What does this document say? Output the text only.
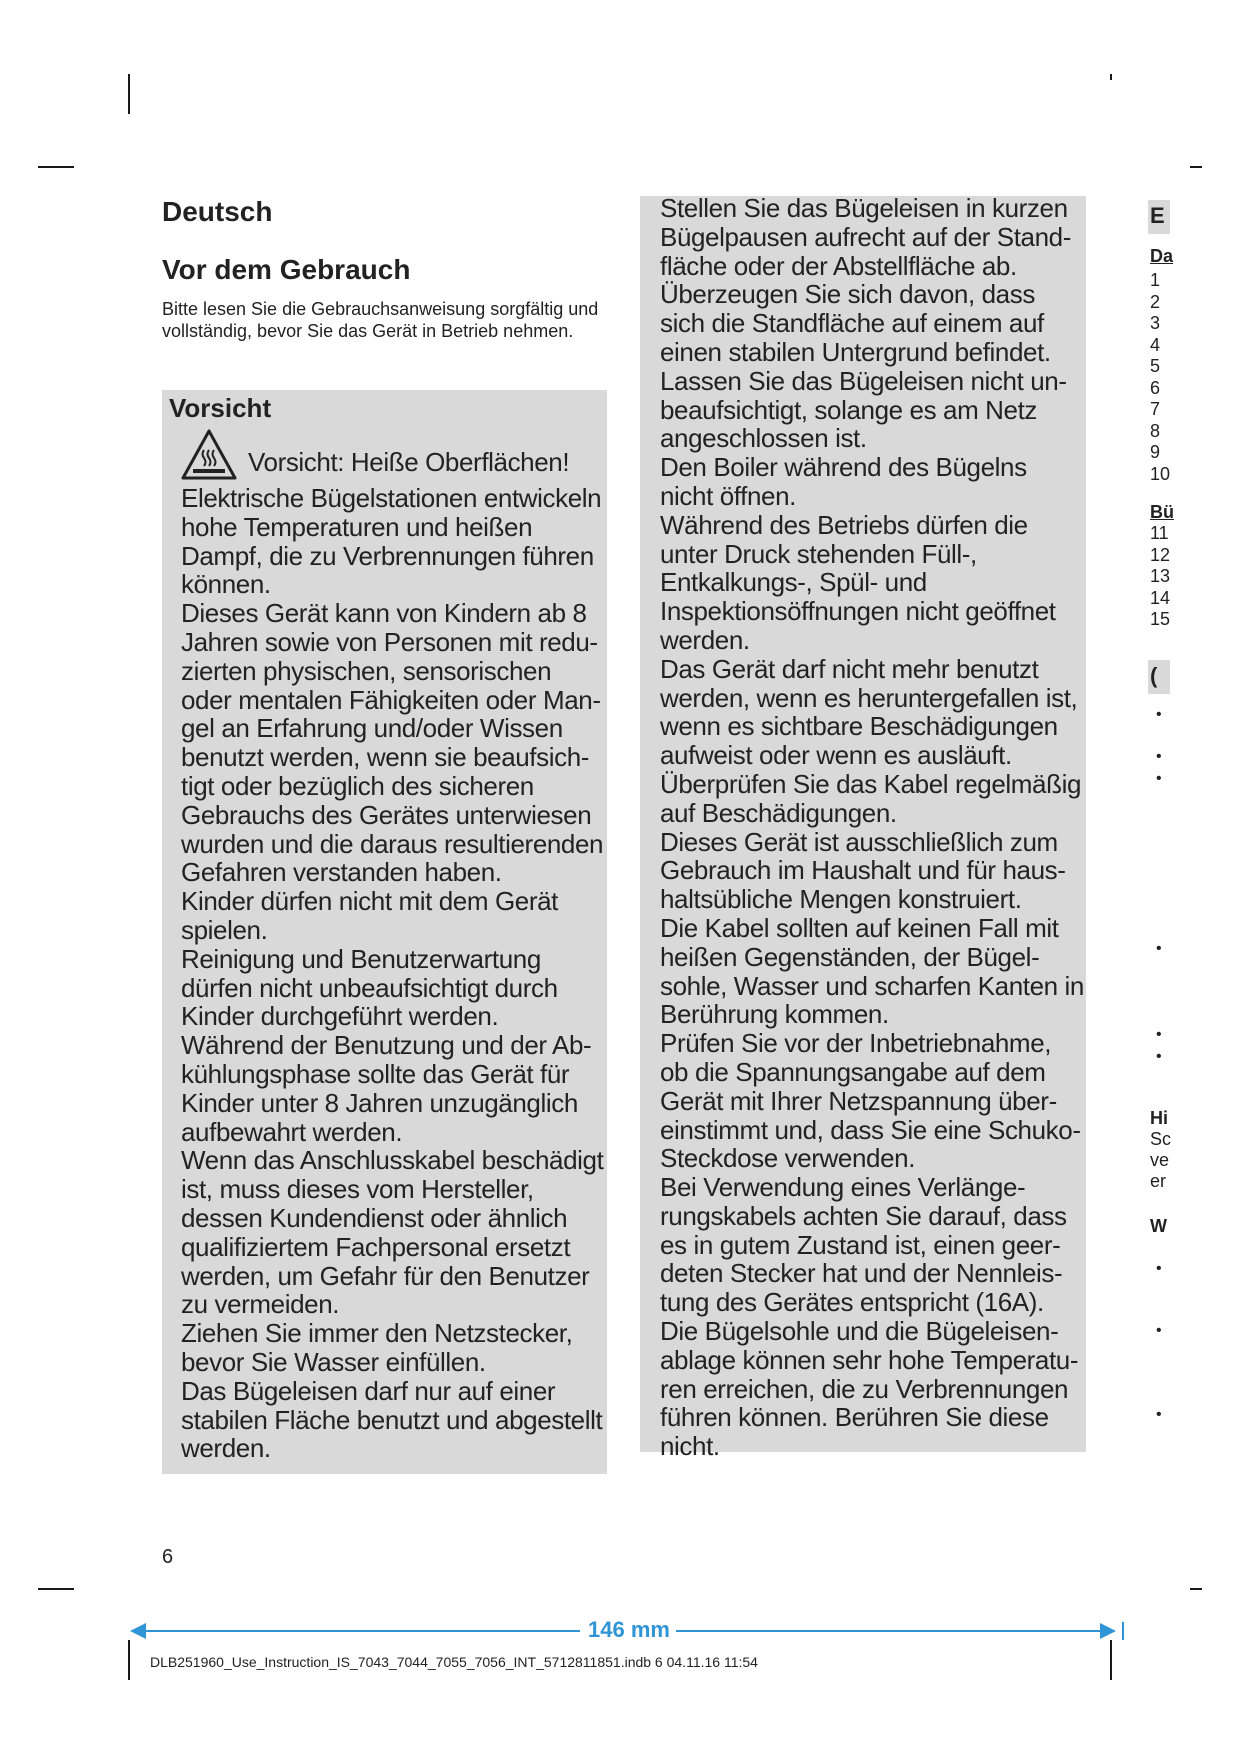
Deutsch
Vor dem Gebrauch

Bitte lesen Sie die Gebrauchsanweisung sorgfältig und vollständig, bevor Sie das Gerät in Betrieb nehmen.

Vorsicht
Vorsicht: Heiße Oberflächen!
Elektrische Bügelstationen entwickeln hohe Temperaturen und heißen Dampf, die zu Verbrennungen führen können.
Dieses Gerät kann von Kindern ab 8 Jahren sowie von Personen mit reduzierten physischen, sensorischen oder mentalen Fähigkeiten oder Mangel an Erfahrung und/oder Wissen benutzt werden, wenn sie beaufsichtigt oder bezüglich des sicheren Gebrauchs des Gerätes unterwiesen wurden und die daraus resultierenden Gefahren verstanden haben.
Kinder dürfen nicht mit dem Gerät spielen.
Reinigung und Benutzerwartung dürfen nicht unbeaufsichtigt durch Kinder durchgeführt werden.
Während der Benutzung und der Abkühlungsphase sollte das Gerät für Kinder unter 8 Jahren unzugänglich aufbewahrt werden.
Wenn das Anschlusskabel beschädigt ist, muss dieses vom Hersteller, dessen Kundendienst oder ähnlich qualifiziertem Fachpersonal ersetzt werden, um Gefahr für den Benutzer zu vermeiden.
Ziehen Sie immer den Netzstecker, bevor Sie Wasser einfüllen.
Das Bügeleisen darf nur auf einer stabilen Fläche benutzt und abgestellt werden.
Stellen Sie das Bügeleisen in kurzen Bügelpausen aufrecht auf der Standfläche oder der Abstellfläche ab. Überzeugen Sie sich davon, dass sich die Standfläche auf einem auf einen stabilen Untergrund befindet.
Lassen Sie das Bügeleisen nicht unbeaufsichtigt, solange es am Netz angeschlossen ist.
Den Boiler während des Bügelns nicht öffnen.
Während des Betriebs dürfen die unter Druck stehenden Füll-, Entkalkungs-, Spül- und Inspektionsöffnungen nicht geöffnet werden.
Das Gerät darf nicht mehr benutzt werden, wenn es heruntergefallen ist, wenn es sichtbare Beschädigungen aufweist oder wenn es ausläuft. Überprüfen Sie das Kabel regelmäßig auf Beschädigungen.
Dieses Gerät ist ausschließlich zum Gebrauch im Haushalt und für haushaltsübliche Mengen konstruiert.
Die Kabel sollten auf keinen Fall mit heißen Gegenständen, der Bügelsohle, Wasser und scharfen Kanten in Berührung kommen.
Prüfen Sie vor der Inbetriebnahme, ob die Spannungsangabe auf dem Gerät mit Ihrer Netzspannung übereinstimmt und, dass Sie eine Schuko-Steckdose verwenden.
Bei Verwendung eines Verlängerungskabels achten Sie darauf, dass es in gutem Zustand ist, einen geerdeten Stecker hat und der Nennleistung des Gerätes entspricht (16A).
Die Bügelsohle und die Bügeleisenablage können sehr hohe Temperaturen erreichen, die zu Verbrennungen führen können. Berühren Sie diese nicht.
E
Da
1
2
3
4
5
6
7
8
9
10
Bü
11
12
13
14
15
(
•
•
•
•
•
•
•
•
•
Hi
Sc
ve
er
W
6
146 mm
DLB251960_Use_Instruction_IS_7043_7044_7055_7056_INT_5712811851.indb 6 04.11.16 11:54
